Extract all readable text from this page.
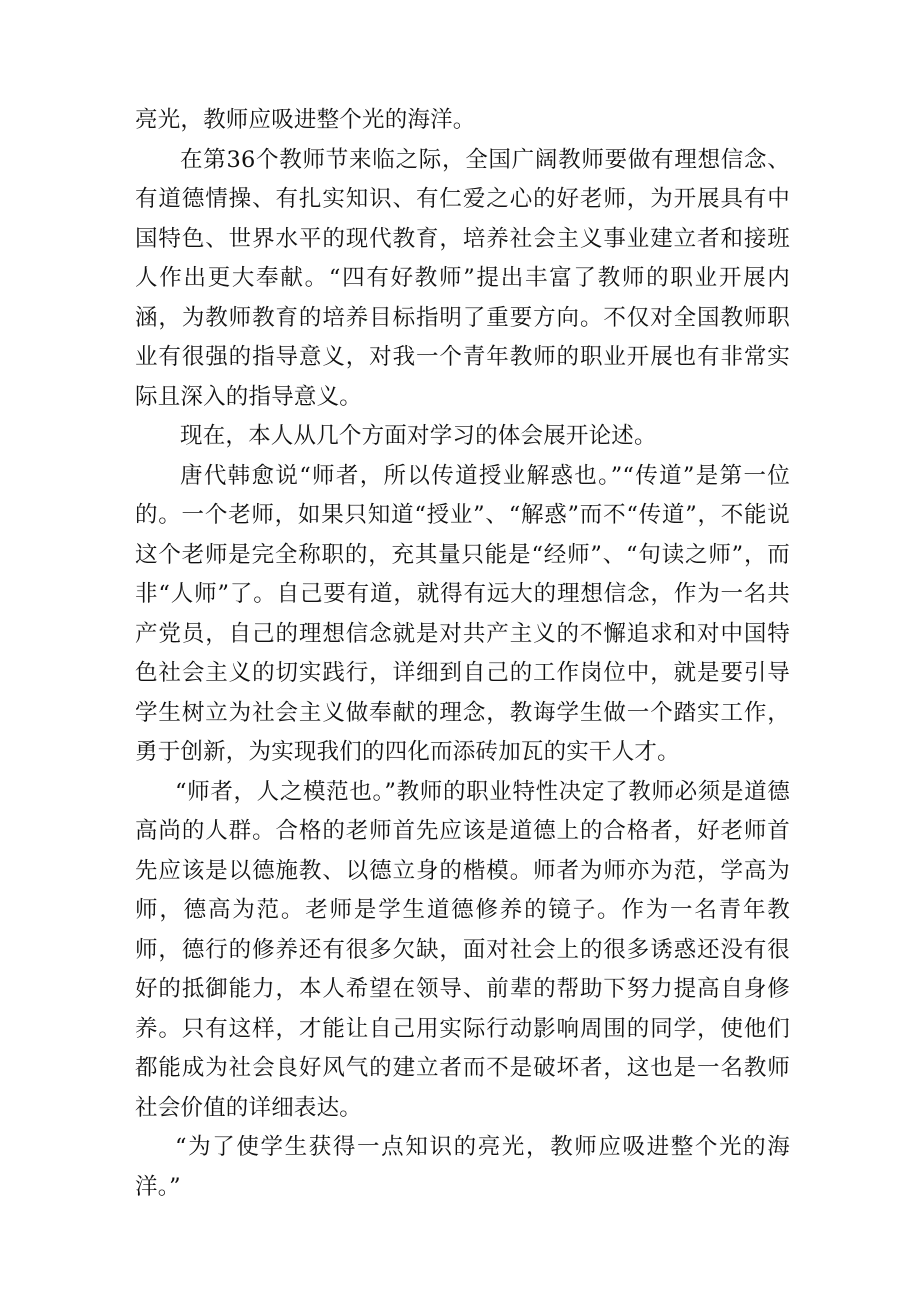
亮光，教师应吸进整个光的海洋。

在第36个教师节来临之际，全国广阔教师要做有理想信念、有道德情操、有扎实知识、有仁爱之心的好老师，为开展具有中国特色、世界水平的现代教育，培养社会主义事业建立者和接班人作出更大奉献。“四有好教师”提出丰富了教师的职业开展内涵，为教师教育的培养目标指明了重要方向。不仅对全国教师职业有很强的指导意义，对我一个青年教师的职业开展也有非常实际且深入的指导意义。

现在，本人从几个方面对学习的体会展开论述。

唐代韩愈说“师者，所以传道授业解惑也。”“传道”是第一位的。一个老师，如果只知道“授业”、“解惑”而不“传道”，不能说这个老师是完全称职的，充其量只能是“经师”、“句读之师”，而非“人师”了。自己要有道，就得有远大的理想信念，作为一名共产党员，自己的理想信念就是对共产主义的不懈追求和对中国特色社会主义的切实践行，详细到自己的工作岗位中，就是要引导学生树立为社会主义做奉献的理念，教诲学生做一个踏实工作，勇于创新，为实现我们的四化而添砖加瓦的实干人才。

“师者，人之模范也。”教师的职业特性决定了教师必须是道德高尚的人群。合格的老师首先应该是道德上的合格者，好老师首先应该是以德施教、以德立身的楷模。师者为师亦为范，学高为师，德高为范。老师是学生道德修养的镜子。作为一名青年教师，德行的修养还有很多欠缺，面对社会上的很多诱惑还没有很好的抵御能力，本人希望在领导、前辈的帮助下努力提高自身修养。只有这样，才能让自己用实际行动影响周围的同学，使他们都能成为社会良好风气的建立者而不是破坏者，这也是一名教师社会价值的详细表达。

“为了使学生获得一点知识的亮光，教师应吸进整个光的海洋。”
